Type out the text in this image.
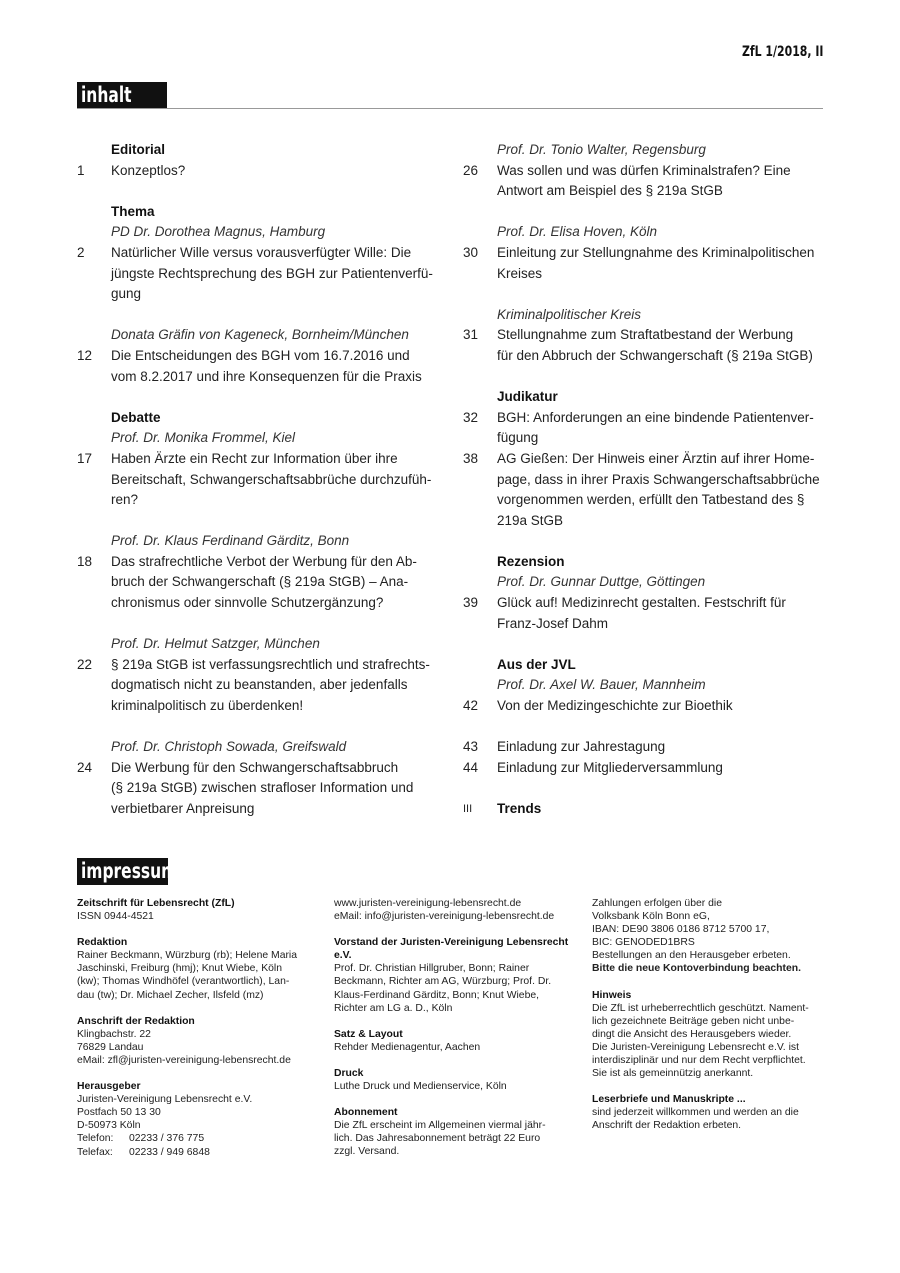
ZfL 1/2018, II
inhalt
Editorial
1	Konzeptlos?
Thema
PD Dr. Dorothea Magnus, Hamburg
2	Natürlicher Wille versus vorausverfügter Wille: Die
jüngste Rechtsprechung des BGH zur Patientenverfü-
gung
Donata Gräfin von Kageneck, Bornheim/München
12	Die Entscheidungen des BGH vom 16.7.2016 und
vom 8.2.2017 und ihre Konsequenzen für die Praxis
Debatte
Prof. Dr. Monika Frommel, Kiel
17	Haben Ärzte ein Recht zur Information über ihre
Bereitschaft, Schwangerschaftsabbrüche durchzufüh-
ren?
Prof. Dr. Klaus Ferdinand Gärditz, Bonn
18	Das strafrechtliche Verbot der Werbung für den Ab-
bruch der Schwangerschaft (§ 219a StGB) – Ana-
chronismus oder sinnvolle Schutzergänzung?
Prof. Dr. Helmut Satzger, München
22	§ 219a StGB ist verfassungsrechtlich und strafrechts-
dogmatisch nicht zu beanstanden, aber jedenfalls
kriminalpolitisch zu überdenken!
Prof. Dr. Christoph Sowada, Greifswald
24	Die Werbung für den Schwangerschaftsabbruch
(§ 219a StGB) zwischen strafloser Information und
verbietbarer Anpreisung
Prof. Dr. Tonio Walter, Regensburg
26	Was sollen und was dürfen Kriminalstrafen? Eine
Antwort am Beispiel des § 219a StGB
Prof. Dr. Elisa Hoven, Köln
30	Einleitung zur Stellungnahme des Kriminalpolitischen
Kreises
Kriminalpolitischer Kreis
31	Stellungnahme zum Straftatbestand der Werbung
für den Abbruch der Schwangerschaft (§ 219a StGB)
Judikatur
32	BGH: Anforderungen an eine bindende Patientenver-
fügung
38	AG Gießen: Der Hinweis einer Ärztin auf ihrer Home-
page, dass in ihrer Praxis Schwangerschaftsabbrüche
vorgenommen werden, erfüllt den Tatbestand des §
219a StGB
Rezension
Prof. Dr. Gunnar Duttge, Göttingen
39	Glück auf! Medizinrecht gestalten. Festschrift für
Franz-Josef Dahm
Aus der JVL
Prof. Dr. Axel W. Bauer, Mannheim
42	Von der Medizingeschichte zur Bioethik
43	Einladung zur Jahrestagung
44	Einladung zur Mitgliederversammlung
III	Trends
impressum
Zeitschrift für Lebensrecht (ZfL)
ISSN 0944-4521
Redaktion
Rainer Beckmann, Würzburg (rb); Helene Maria
Jaschinski, Freiburg (hmj); Knut Wiebe, Köln
(kw); Thomas Windhöfel (verantwortlich), Lan-
dau (tw); Dr. Michael Zecher, Ilsfeld (mz)
Anschrift der Redaktion
Klingbachstr. 22
76829 Landau
eMail: zfl@juristen-vereinigung-lebensrecht.de
Herausgeber
Juristen-Vereinigung Lebensrecht e.V.
Postfach 50 13 30
D-50973 Köln
Telefon: 02233 / 376 775
Telefax: 02233 / 949 6848
www.juristen-vereinigung-lebensrecht.de
eMail: info@juristen-vereinigung-lebensrecht.de
Vorstand der Juristen-Vereinigung Lebensrecht e.V.
Prof. Dr. Christian Hillgruber, Bonn; Rainer
Beckmann, Richter am AG, Würzburg; Prof. Dr.
Klaus-Ferdinand Gärditz, Bonn; Knut Wiebe,
Richter am LG a. D., Köln
Satz & Layout
Rehder Medienagentur, Aachen
Druck
Luthe Druck und Medienservice, Köln
Abonnement
Die ZfL erscheint im Allgemeinen viermal jähr-
lich. Das Jahresabonnement beträgt 22 Euro
zzgl. Versand.
Zahlungen erfolgen über die
Volksbank Köln Bonn eG,
IBAN: DE90 3806 0186 8712 5700 17,
BIC: GENODED1BRS
Bestellungen an den Herausgeber erbeten.
Bitte die neue Kontoverbindung beachten.
Hinweis
Die ZfL ist urheberrechtlich geschützt. Nament-
lich gezeichnete Beiträge geben nicht unbe-
dingt die Ansicht des Herausgebers wieder.
Die Juristen-Vereinigung Lebensrecht e.V. ist
interdisziplinär und nur dem Recht verpflichtet.
Sie ist als gemeinnützig anerkannt.
Leserbriefe und Manuskripte ...
sind jederzeit willkommen und werden an die
Anschrift der Redaktion erbeten.
